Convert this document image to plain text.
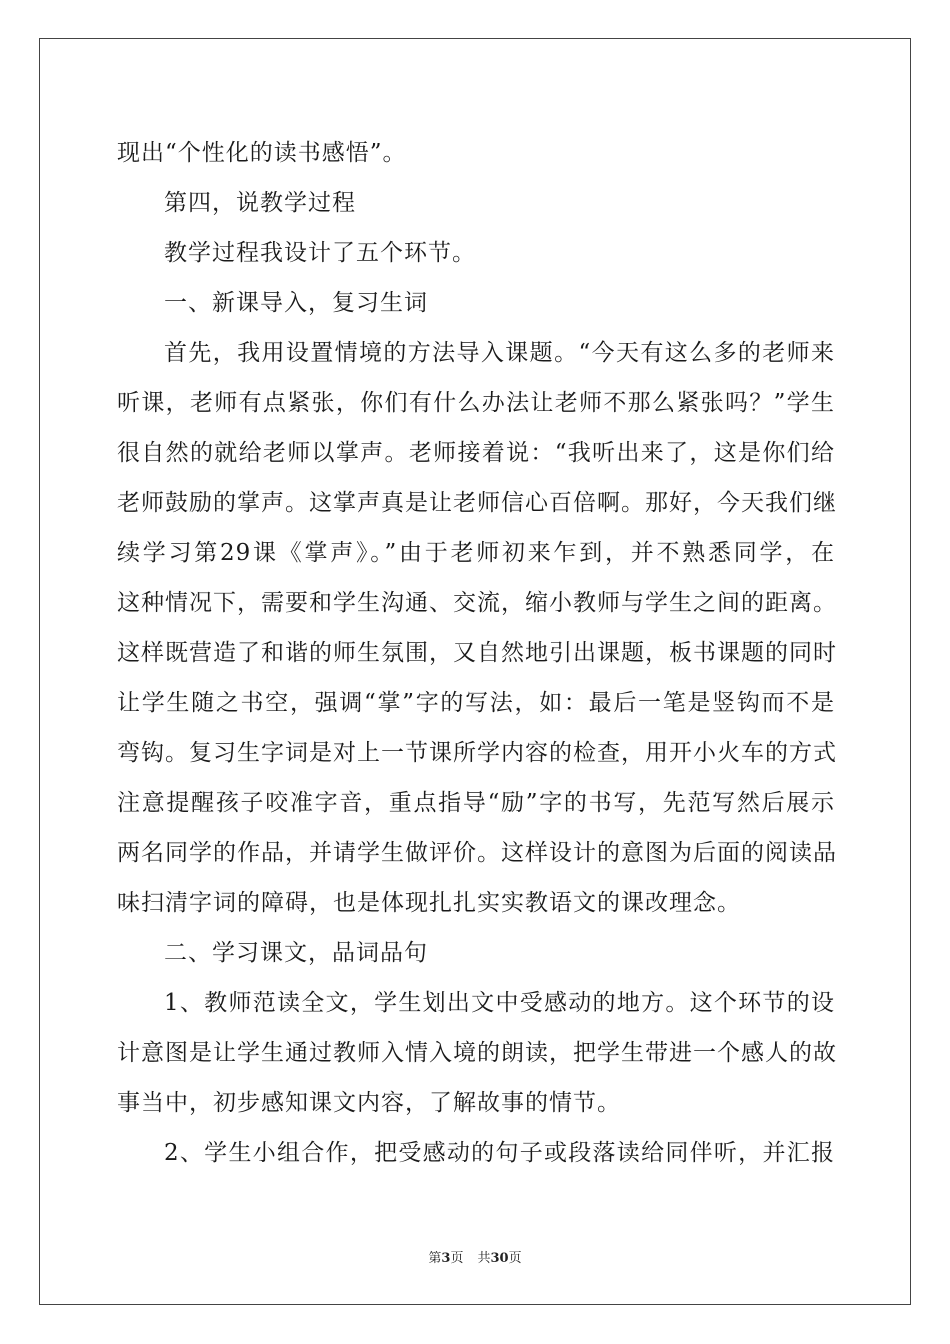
现出“个性化的读书感悟”。
第四，说教学过程
教学过程我设计了五个环节。
一、新课导入，复习生词
首先，我用设置情境的方法导入课题。“今天有这么多的老师来
听课，老师有点紧张，你们有什么办法让老师不那么紧张吗？”学生
很自然的就给老师以掌声。老师接着说：“我听出来了，这是你们给
老师鼓励的掌声。这掌声真是让老师信心百倍啊。那好，今天我们继
续学习第29课《掌声》。”由于老师初来乍到，并不熟悉同学，在
这种情况下，需要和学生沟通、交流，缩小教师与学生之间的距离。
这样既营造了和谐的师生氛围，又自然地引出课题，板书课题的同时
让学生随之书空，强调“掌”字的写法，如：最后一笔是竖钩而不是
弯钩。复习生字词是对上一节课所学内容的检查，用开小火车的方式
注意提醒孩子咬准字音，重点指导“励”字的书写，先范写然后展示
两名同学的作品，并请学生做评价。这样设计的意图为后面的阅读品
味扫清字词的障碍，也是体现扎扎实实教语文的课改理念。
二、学习课文，品词品句
1、教师范读全文，学生划出文中受感动的地方。这个环节的设
计意图是让学生通过教师入情入境的朗读，把学生带进一个感人的故
事当中，初步感知课文内容，了解故事的情节。
2、学生小组合作，把受感动的句子或段落读给同伴听，并汇报
第3页 共30页
